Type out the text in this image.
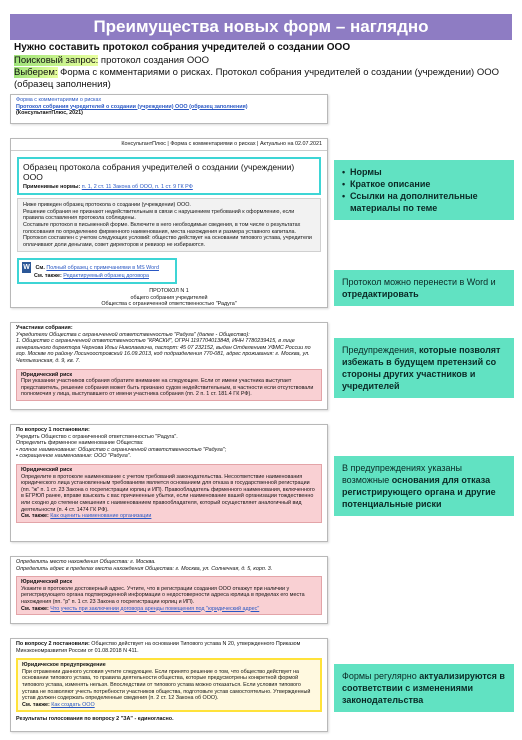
Преимущества новых форм – наглядно
Нужно составить протокол собрания учредителей о создании ООО
Поисковый запрос: протокол создания ООО
Выберем: Форма с комментариями о рисках. Протокол собрания учредителей о создании (учреждении) ООО (образец заполнения)
Форма с комментариями о рисках
Протокол собрания учредителей о создании (учреждении) ООО (образец заполнения)
(КонсультантПлюс, 2021)
КонсультантПлюс | Форма с комментариями о рисках | Актуально на 02.07.2021
Образец протокола собрания учредителей о создании (учреждении) ООО
Применимые нормы: п. 1, 2 ст. 11 Закона об ООО, п. 1 ст. 9 ГК РФ
Ниже приведен образец протокола о создании (учреждении) ООО.
Решение собрания не признают недействительным в связи с нарушением требований к оформлению, если правила составления протокола соблюдены.
Составьте протокол в письменной форме. Включите в него необходимые сведения, в том числе о результатах голосования по определению фирменного наименования, места нахождения и размера уставного капитала.
Протокол составлен с учетом следующих условий: общество действует на основании типового устава, учредители оплачивают доли деньгами, совет директоров и ревизор не избираются.
W См. Полный образец с примечаниями в MS Word
См. также: Редактируемый образец договора
ПРОТОКОЛ N 1
общего собрания учредителей
Общества с ограниченной ответственностью "Радуга"
Участники собрания:
Учредители Общества с ограниченной ответственностью "Радуга" (далее - Общество):
1. Общество с ограниченной ответственностью "КРАСКИ", ОГРН 1197704013848, ИНН 7780239415, в лице генерального директора Чернова Ильи Николаевича, паспорт: 45 07 232152, выдан Отделением УФМС России по гор. Москве по району Лосиноостровский 16.09.2013, код подразделения 770-081, адрес проживания: г. Москва, ул. Чеплыгинская, д. 9, кв. 7.
Юридический риск
При указании участников собрания обратите внимание на следующее. Если от имени участника выступает представитель, решение собрания может быть признано судом недействительным, в частности если отсутствовали полномочия у лица, выступавшего от имени участника собрания (пп. 2 п. 1 ст. 181.4 ГК РФ).
По вопросу 1 постановили:
Учредить Общество с ограниченной ответственностью "Радуга".
Определить фирменное наименование Общества:
• полное наименование: Общество с ограниченной ответственностью "Радуга";
• сокращенное наименование: ООО "Радуга".
Юридический риск
Определите в протоколе наименование с учетом требований законодательства. Несоответствие наименования юридического лица установленным требованиям является основанием для отказа в государственной регистрации (пп. "ж" п. 1 ст. 23 Закона о госрегистрации юрлиц и ИП). Правообладатель фирменного наименования, включенного в ЕГРЮЛ ранее, вправе взыскать с вас причиненные убытки, если наименование вашей организации тождественно или сходно до степени смешения с наименованием правообладателя, который осуществляет аналогичный вид деятельности (п. 4 ст. 1474 ГК РФ).
См. также: Как оценить наименование организации
Определить место нахождения Общества: г. Москва.
Определить адрес в пределах места нахождения Общества: г. Москва, ул. Солнечная, д. 5, корп. 3.
Юридический риск
Укажите в протоколе достоверный адрес. Учтите, что в регистрации создания ООО откажут при наличии у регистрирующего органа подтвержденной информации о недостоверности адреса юрлица в пределах его места нахождения (пп. "р" п. 1 ст. 23 Закона о госрегистрации юрлиц и ИП).
См. также: Что учесть при заключении договора аренды помещения под "юридический адрес"
По вопросу 2 постановили: Общество действует на основании Типового устава N 20, утвержденного Приказом Минэкономразвития России от 01.08.2018 N 411.
Юридическое предупреждение
При отражении данного условия учтите следующее. Если принято решение о том, что общество действует на основании типового устава, то правила деятельности общества, которые предусмотрены конкретной формой типового устава, изменять нельзя. Впоследствии от типового устава можно отказаться. Если условия типового устава не позволяют учесть потребности участников общества, подготовьте устав самостоятельно. Утвержденный устав должен содержать определенные сведения (п. 2 ст. 12 Закона об ООО).
См. также: Как создать ООО
Результаты голосования по вопросу 2 "ЗА" - единогласно.
• Нормы
• Краткое описание
• Ссылки на дополнительные материалы по теме
Протокол можно перенести в Word и отредактировать
Предупреждения, которые позволят избежать в будущем претензий со стороны других участников и учредителей
В предупреждениях указаны возможные основания для отказа регистрирующего органа и другие потенциальные риски
Формы регулярно актуализируются в соответствии с изменениями законодательства
